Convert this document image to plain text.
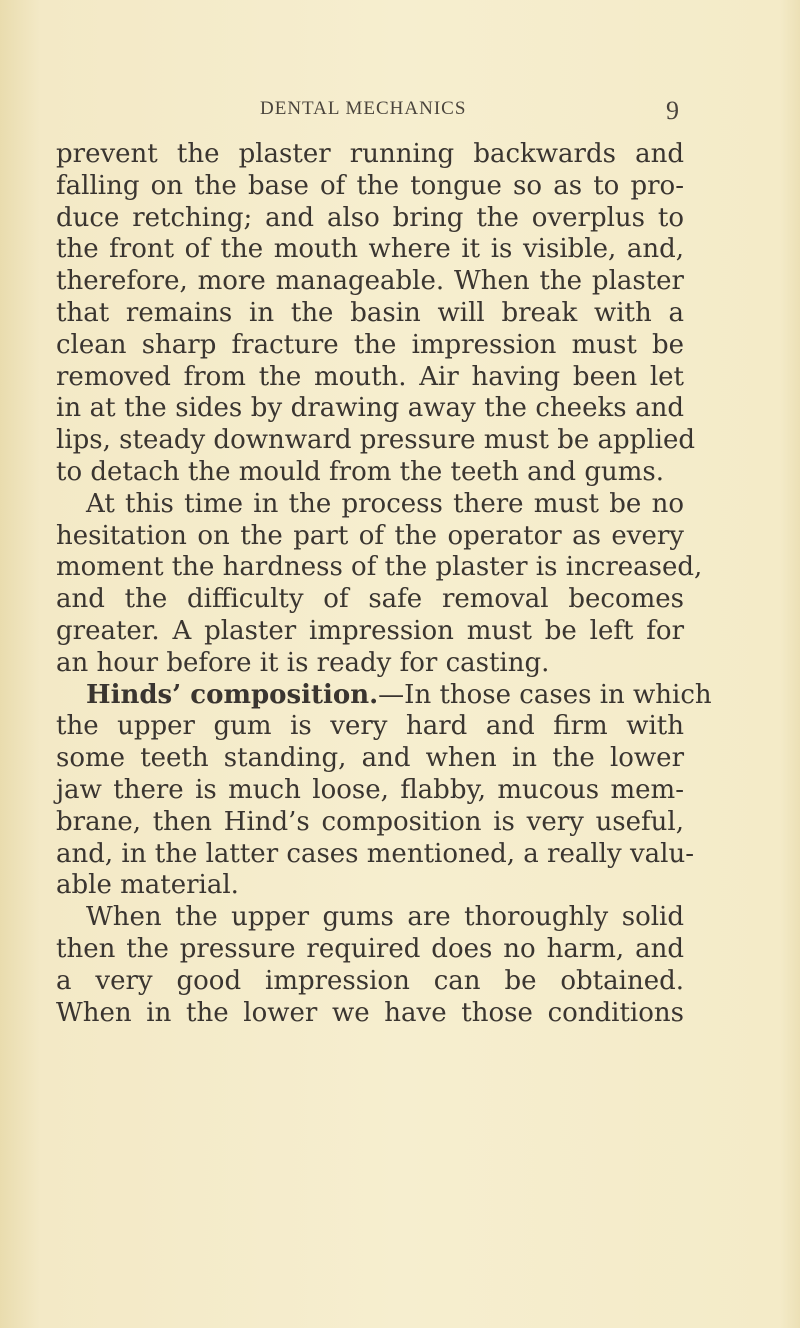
DENTAL MECHANICS	9
prevent the plaster running backwards and
falling on the base of the tongue so as to pro-
duce retching; and also bring the overplus to
the front of the mouth where it is visible, and,
therefore, more manageable. When the plaster
that remains in the basin will break with a
clean sharp fracture the impression must be
removed from the mouth. Air having been let
in at the sides by drawing away the cheeks and
lips, steady downward pressure must be applied
to detach the mould from the teeth and gums.
At this time in the process there must be no
hesitation on the part of the operator as every
moment the hardness of the plaster is increased,
and the difficulty of safe removal becomes
greater. A plaster impression must be left for
an hour before it is ready for casting.
Hinds’ composition.—In those cases in which
the upper gum is very hard and firm with
some teeth standing, and when in the lower
jaw there is much loose, flabby, mucous mem-
brane, then Hind’s composition is very useful,
and, in the latter cases mentioned, a really valu-
able material.
When the upper gums are thoroughly solid
then the pressure required does no harm, and
a very good impression can be obtained.
When in the lower we have those conditions
